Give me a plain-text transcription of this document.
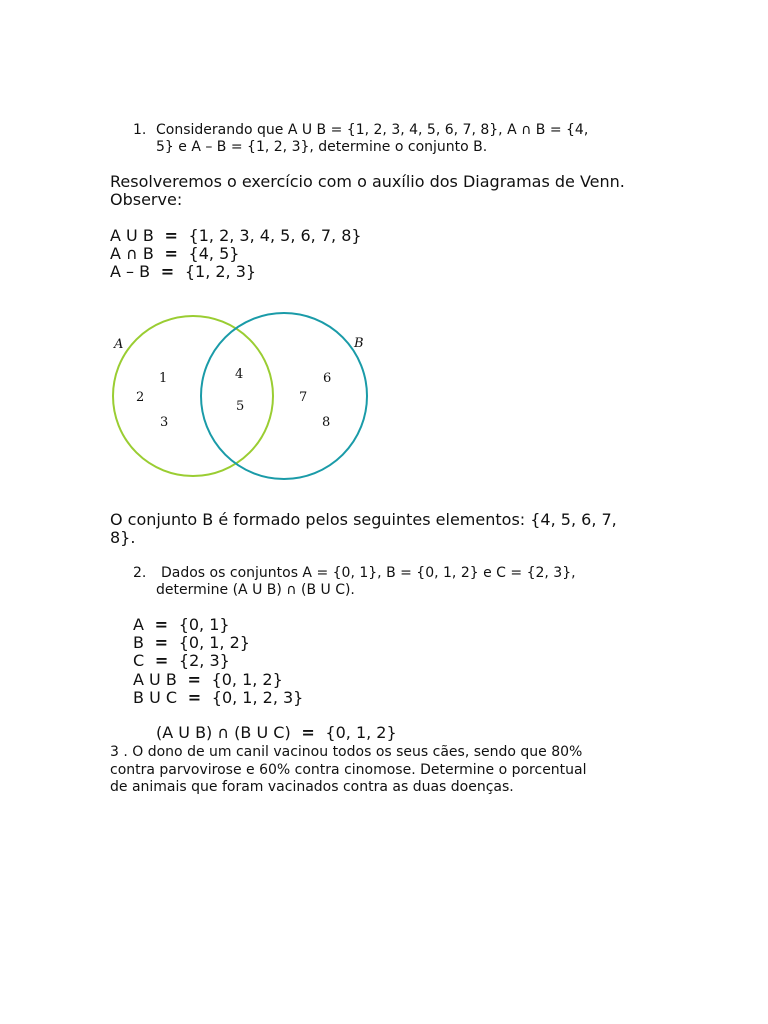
1. Considerando que A U B = {1, 2, 3, 4, 5, 6, 7, 8}, A ∩ B = {4,
5} e A – B = {1, 2, 3}, determine o conjunto B.
Resolveremos o exercício com o auxílio dos Diagramas de Venn.
Observe:
A U B  =  {1, 2, 3, 4, 5, 6, 7, 8}
A ∩ B  =  {4, 5}
A – B  =  {1, 2, 3}
A	B
1
2
3
4
5
6
7
8
O conjunto B é formado pelos seguintes elementos: {4, 5, 6, 7,
8}.
2. Dados os conjuntos A = {0, 1}, B = {0, 1, 2} e C = {2, 3},
determine (A U B) ∩ (B U C).
A  =  {0, 1}
B  =  {0, 1, 2}
C  =  {2, 3}
A U B  =  {0, 1, 2}
B U C  =  {0, 1, 2, 3}
(A U B) ∩ (B U C)  =  {0, 1, 2}
3 . O dono de um canil vacinou todos os seus cães, sendo que 80%
contra parvovirose e 60% contra cinomose. Determine o porcentual
de animais que foram vacinados contra as duas doenças.
